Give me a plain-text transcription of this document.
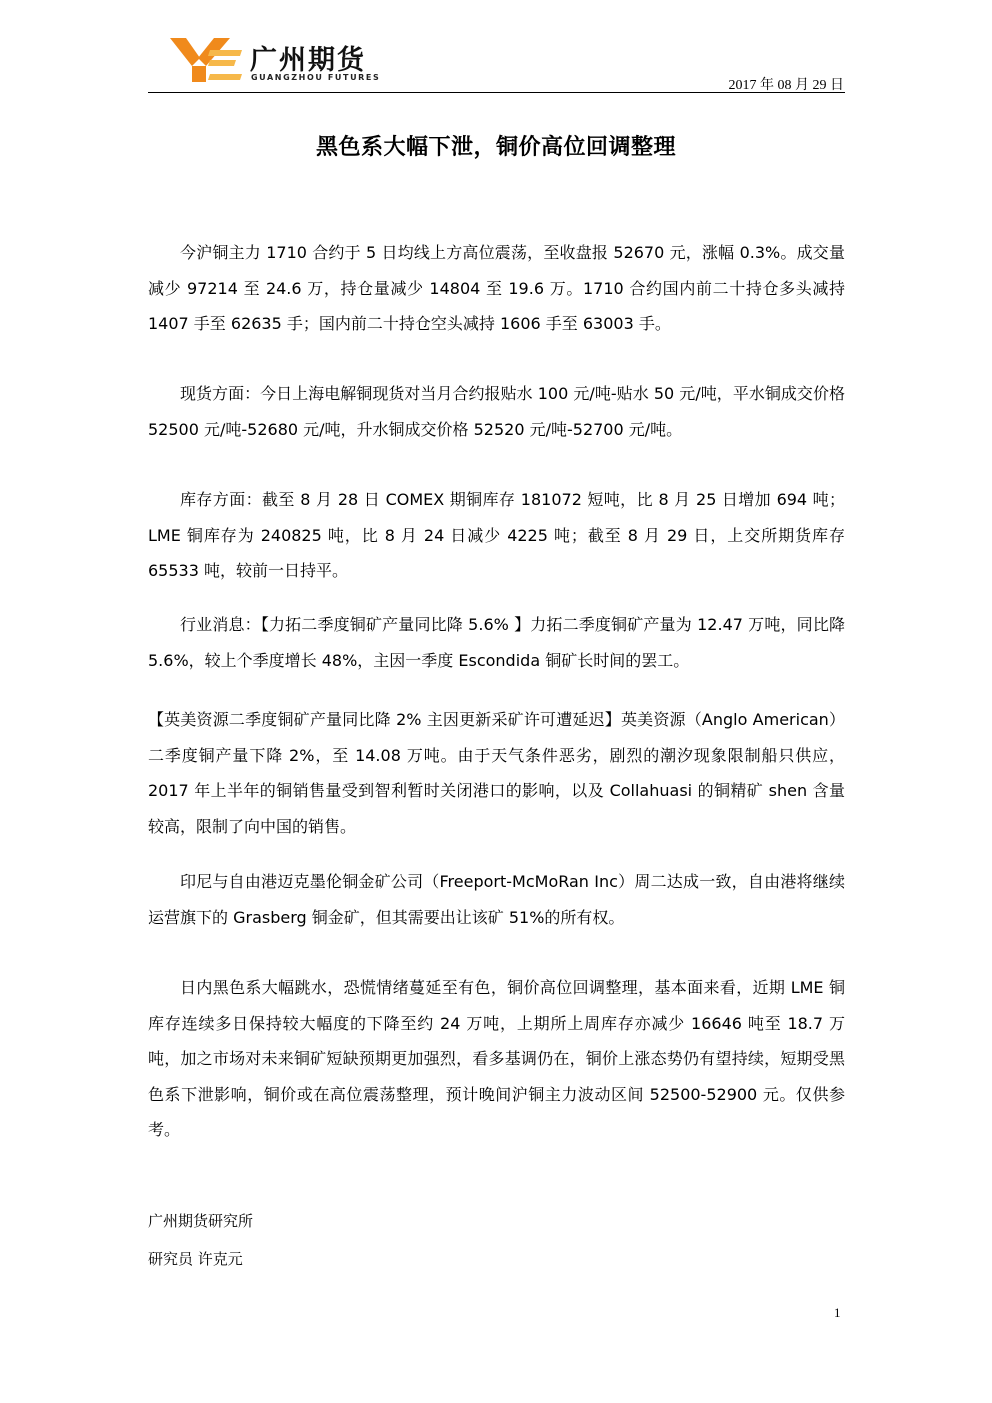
广州期货
GUANGZHOU FUTURES
2017 年 08 月 29 日
黑色系大幅下泄，铜价高位回调整理

今沪铜主力 1710 合约于 5 日均线上方高位震荡，至收盘报 52670 元，涨幅 0.3%。成交量减少 97214 至 24.6 万，持仓量减少 14804 至 19.6 万。1710 合约国内前二十持仓多头减持 1407 手至 62635 手；国内前二十持仓空头减持 1606 手至 63003 手。

现货方面：今日上海电解铜现货对当月合约报贴水 100 元/吨-贴水 50 元/吨，平水铜成交价格 52500 元/吨-52680 元/吨，升水铜成交价格 52520 元/吨-52700 元/吨。

库存方面：截至 8 月 28 日 COMEX 期铜库存 181072 短吨，比 8 月 25 日增加 694 吨；LME 铜库存为 240825 吨，比 8 月 24 日减少 4225 吨；截至 8 月 29 日，上交所期货库存 65533 吨，较前一日持平。

行业消息：【力拓二季度铜矿产量同比降 5.6% 】力拓二季度铜矿产量为 12.47 万吨，同比降 5.6%，较上个季度增长 48%，主因一季度 Escondida 铜矿长时间的罢工。

【英美资源二季度铜矿产量同比降 2% 主因更新采矿许可遭延迟】英美资源（Anglo American）二季度铜产量下降 2%，至 14.08 万吨。由于天气条件恶劣，剧烈的潮汐现象限制船只供应，2017 年上半年的铜销售量受到智利暂时关闭港口的影响，以及 Collahuasi 的铜精矿 shen 含量较高，限制了向中国的销售。

印尼与自由港迈克墨伦铜金矿公司（Freeport-McMoRan Inc）周二达成一致，自由港将继续运营旗下的 Grasberg 铜金矿，但其需要出让该矿 51%的所有权。

日内黑色系大幅跳水，恐慌情绪蔓延至有色，铜价高位回调整理，基本面来看，近期 LME 铜库存连续多日保持较大幅度的下降至约 24 万吨，上期所上周库存亦减少 16646 吨至 18.7 万吨，加之市场对未来铜矿短缺预期更加强烈，看多基调仍在，铜价上涨态势仍有望持续，短期受黑色系下泄影响，铜价或在高位震荡整理，预计晚间沪铜主力波动区间 52500-52900 元。仅供参考。

广州期货研究所
研究员 许克元
1
